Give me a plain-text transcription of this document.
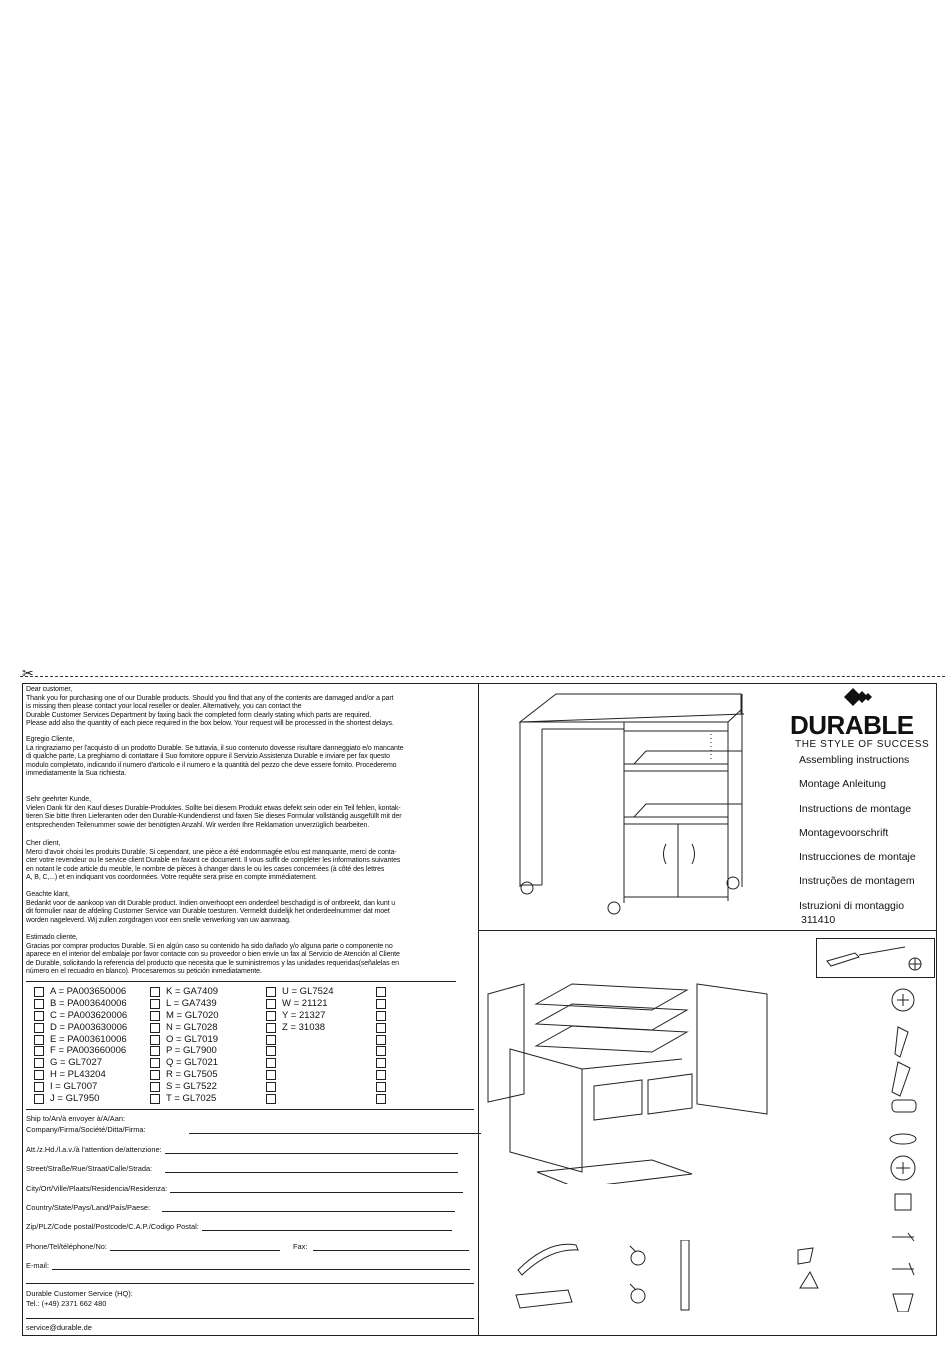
✂

Dear customer,

Thank you for purchasing one of our Durable products. Should you find that any of the contents are damaged and/or a part

is missing then please contact your local reseller or dealer. Alternatively, you can contact the

Durable Customer Services Department by faxing back the completed form clearly stating which parts are required.

Please add also the quantity of each piece required in the box below. Your request will be processed in the shortest delays.

Egregio Cliente,

La ringraziamo per l'acquisto di un prodotto Durable. Se tuttavia, il suo contenuto dovesse risultare danneggiato e/o mancante

di qualche parte, La preghiamo di contattare il Suo fornitore oppure il Servizio Assistenza Durable e inviare per fax questo

modulo completato, indicando il numero d'articolo e il numero e la quantità del pezzo che deve essere fornito. Procederemo

immediatamente la Sua richiesta.

Sehr geehrter Kunde,

Vielen Dank für den Kauf dieses Durable-Produktes. Sollte bei diesem Produkt etwas defekt sein oder ein Teil fehlen, kontak-

tieren Sie bitte Ihren Lieferanten oder den Durable-Kundendienst und faxen Sie dieses Formular vollständig ausgefüllt mit der

entsprechenden Teilenummer sowie der benötigten Anzahl. Wir werden Ihre Reklamation unverzüglich bearbeiten.

Cher client,

Merci d'avoir choisi les produits Durable. Si cependant, une pièce a été endommagée et/ou est manquante, merci de conta-

cter votre revendeur ou le service client Durable en faxant ce document. Il vous suffit de compléter les informations suivantes

en notant le code article du meuble, le nombre de pièces à changer dans le ou les cases concernées (à côté des lettres

A, B, C,...) et en indiquant vos coordonnées. Votre requête sera prise en compte immédiatement.

Geachte klant,

Bedankt voor de aankoop van dit Durable product. Indien onverhoopt een onderdeel beschadigd is of ontbreekt, dan kunt u

dit formulier naar de afdeling Customer Service van Durable toesturen. Vermeldt duidelijk het onderdeelnummer dat moet

worden nageleverd. Wij zullen zorgdragen voor een snelle verwerking van uw aanvraag.

Estimado cliente,

Gracias por comprar productos Durable. Si en algún caso su contenido ha sido dañado y/o alguna parte o componente no

aparece en el interior del embalaje por favor contacte con su proveedor o bien envíe un fax al Servicio de Atención al Cliente

de Durable, solicitando la referencia del producto que necesita que le suministremos y las unidades requeridas(señalelas en

número en el recuadro en blanco). Procesaremos su petición inmediatamente.

A = PA003650006
B = PA003640006
C = PA003620006
D = PA003630006
E = PA003610006
F = PA003660006
G = GL7027
H = PL43204
I = GL7007
J = GL7950
K = GA7409
L = GA7439
M = GL7020
N = GL7028
O = GL7019
P = GL7900
Q = GL7021
R = GL7505
S = GL7522
T = GL7025
U = GL7524
W = 21121
Y = 21327
Z = 31038
Ship to/An/à envoyer à/A/Aan:
Company/Firma/Société/Ditta/Firma:
Att./z.Hd./l.a.v./à l'attention de/attenzione:
Street/Straße/Rue/Straat/Calle/Strada:
City/Ort/Ville/Plaats/Residencia/Residenza:
Country/State/Pays/Land/País/Paese:
Zip/PLZ/Code postal/Postcode/C.A.P./Codigo Postal:
Phone/Tel/téléphone/No:	Fax:
E-mail:
Durable Customer Service (HQ):
Tel.: (+49) 2371 662 480
service@durable.de
DURABLE
THE STYLE OF SUCCESS
Assembling instructions
Montage Anleitung
Instructions de montage
Montagevoorschrift
Instrucciones de montaje
Instruções de montagem
Istruzioni di montaggio
311410
